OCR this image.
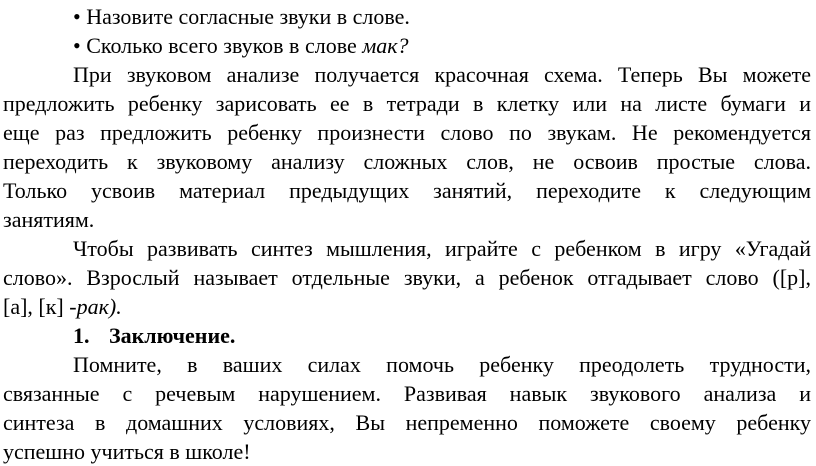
• Назовите согласные звуки в слове.
• Сколько всего звуков в слове мак?
При звуковом анализе получается красочная схема. Теперь Вы можете
предложить ребенку зарисовать ее в тетради в клетку или на листе бумаги и
еще раз предложить ребенку произнести слово по звукам. Не рекомендуется
переходить к звуковому анализу сложных слов, не освоив простые слова.
Только усвоив материал предыдущих занятий, переходите к следующим
занятиям.
Чтобы развивать синтез мышления, играйте с ребенком в игру «Угадай
слово». Взрослый называет отдельные звуки, а ребенок отгадывает слово ([р],
[а], [к] -рак).
1. Заключение.
Помните, в ваших силах помочь ребенку преодолеть трудности,
связанные с речевым нарушением. Развивая навык звукового анализа и
синтеза в домашних условиях, Вы непременно поможете своему ребенку
успешно учиться в школе!
